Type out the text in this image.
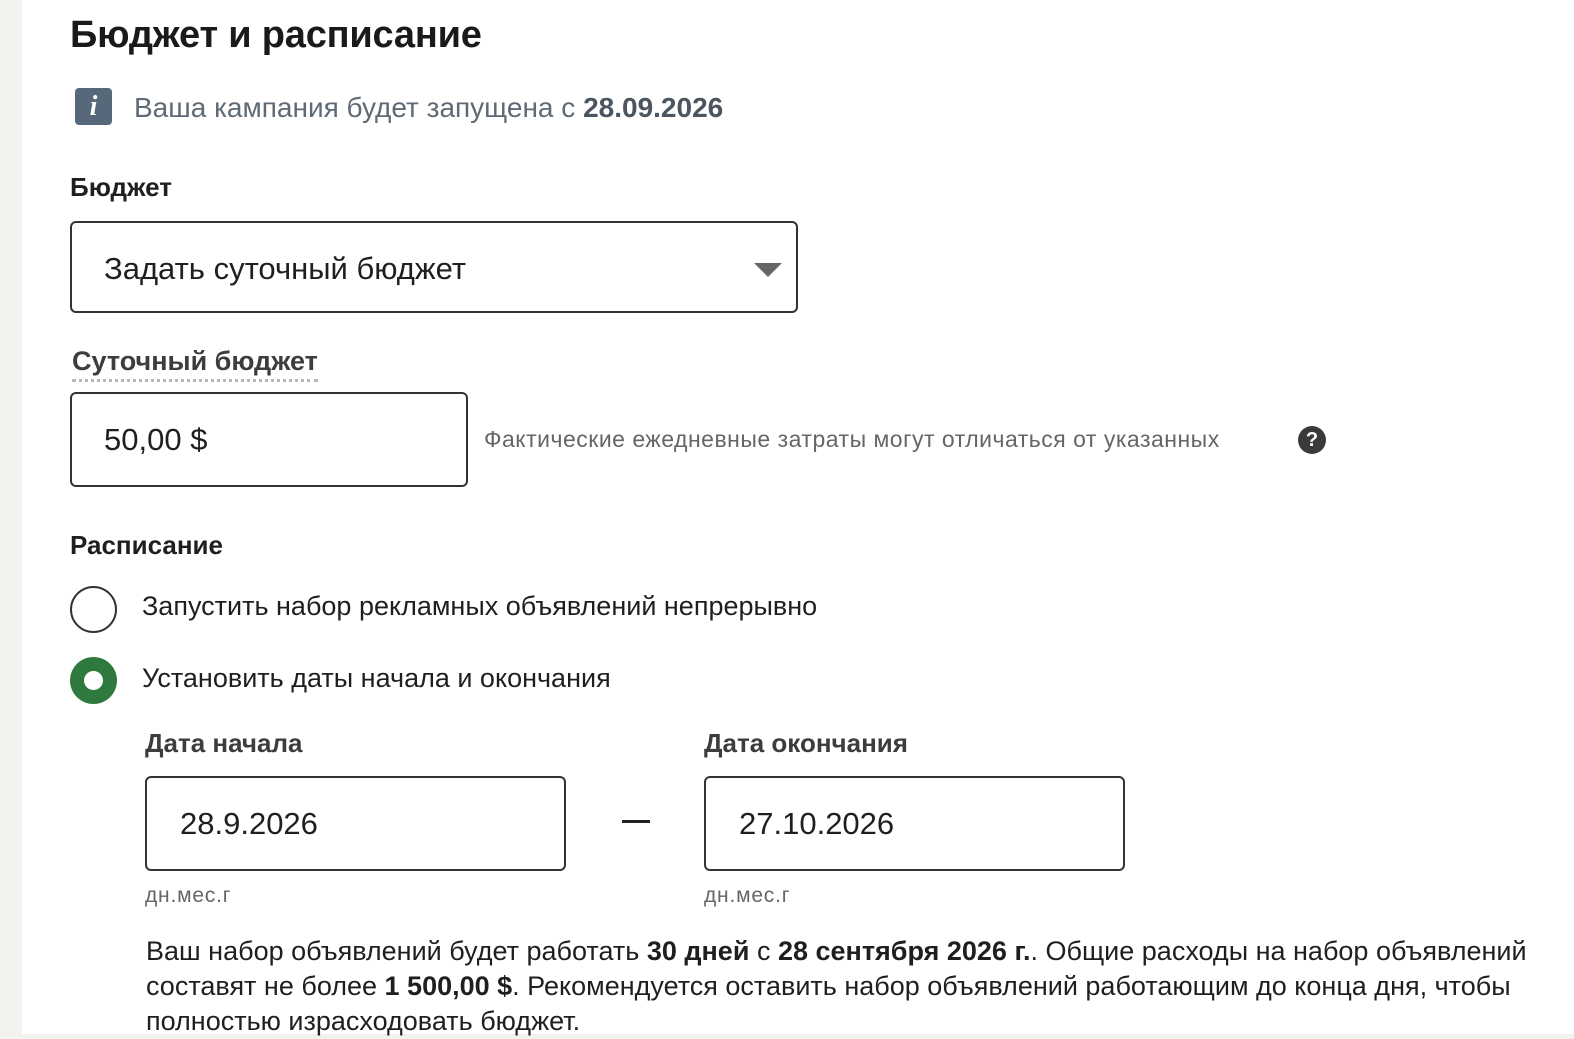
Бюджет и расписание
i	Ваша кампания будет запущена с 28.09.2026
Бюджет
Задать суточный бюджет
Суточный бюджет
50,00 $	Фактические ежедневные затраты могут отличаться от указанных	?
Расписание
Запустить набор рекламных объявлений непрерывно
Установить даты начала и окончания
Дата начала	Дата окончания
28.9.2026	27.10.2026
дн.мес.г	дн.мес.г
Ваш набор объявлений будет работать 30 дней с 28 сентября 2026 г.. Общие расходы на набор объявлений составят не более 1 500,00 $. Рекомендуется оставить набор объявлений работающим до конца дня, чтобы полностью израсходовать бюджет.
